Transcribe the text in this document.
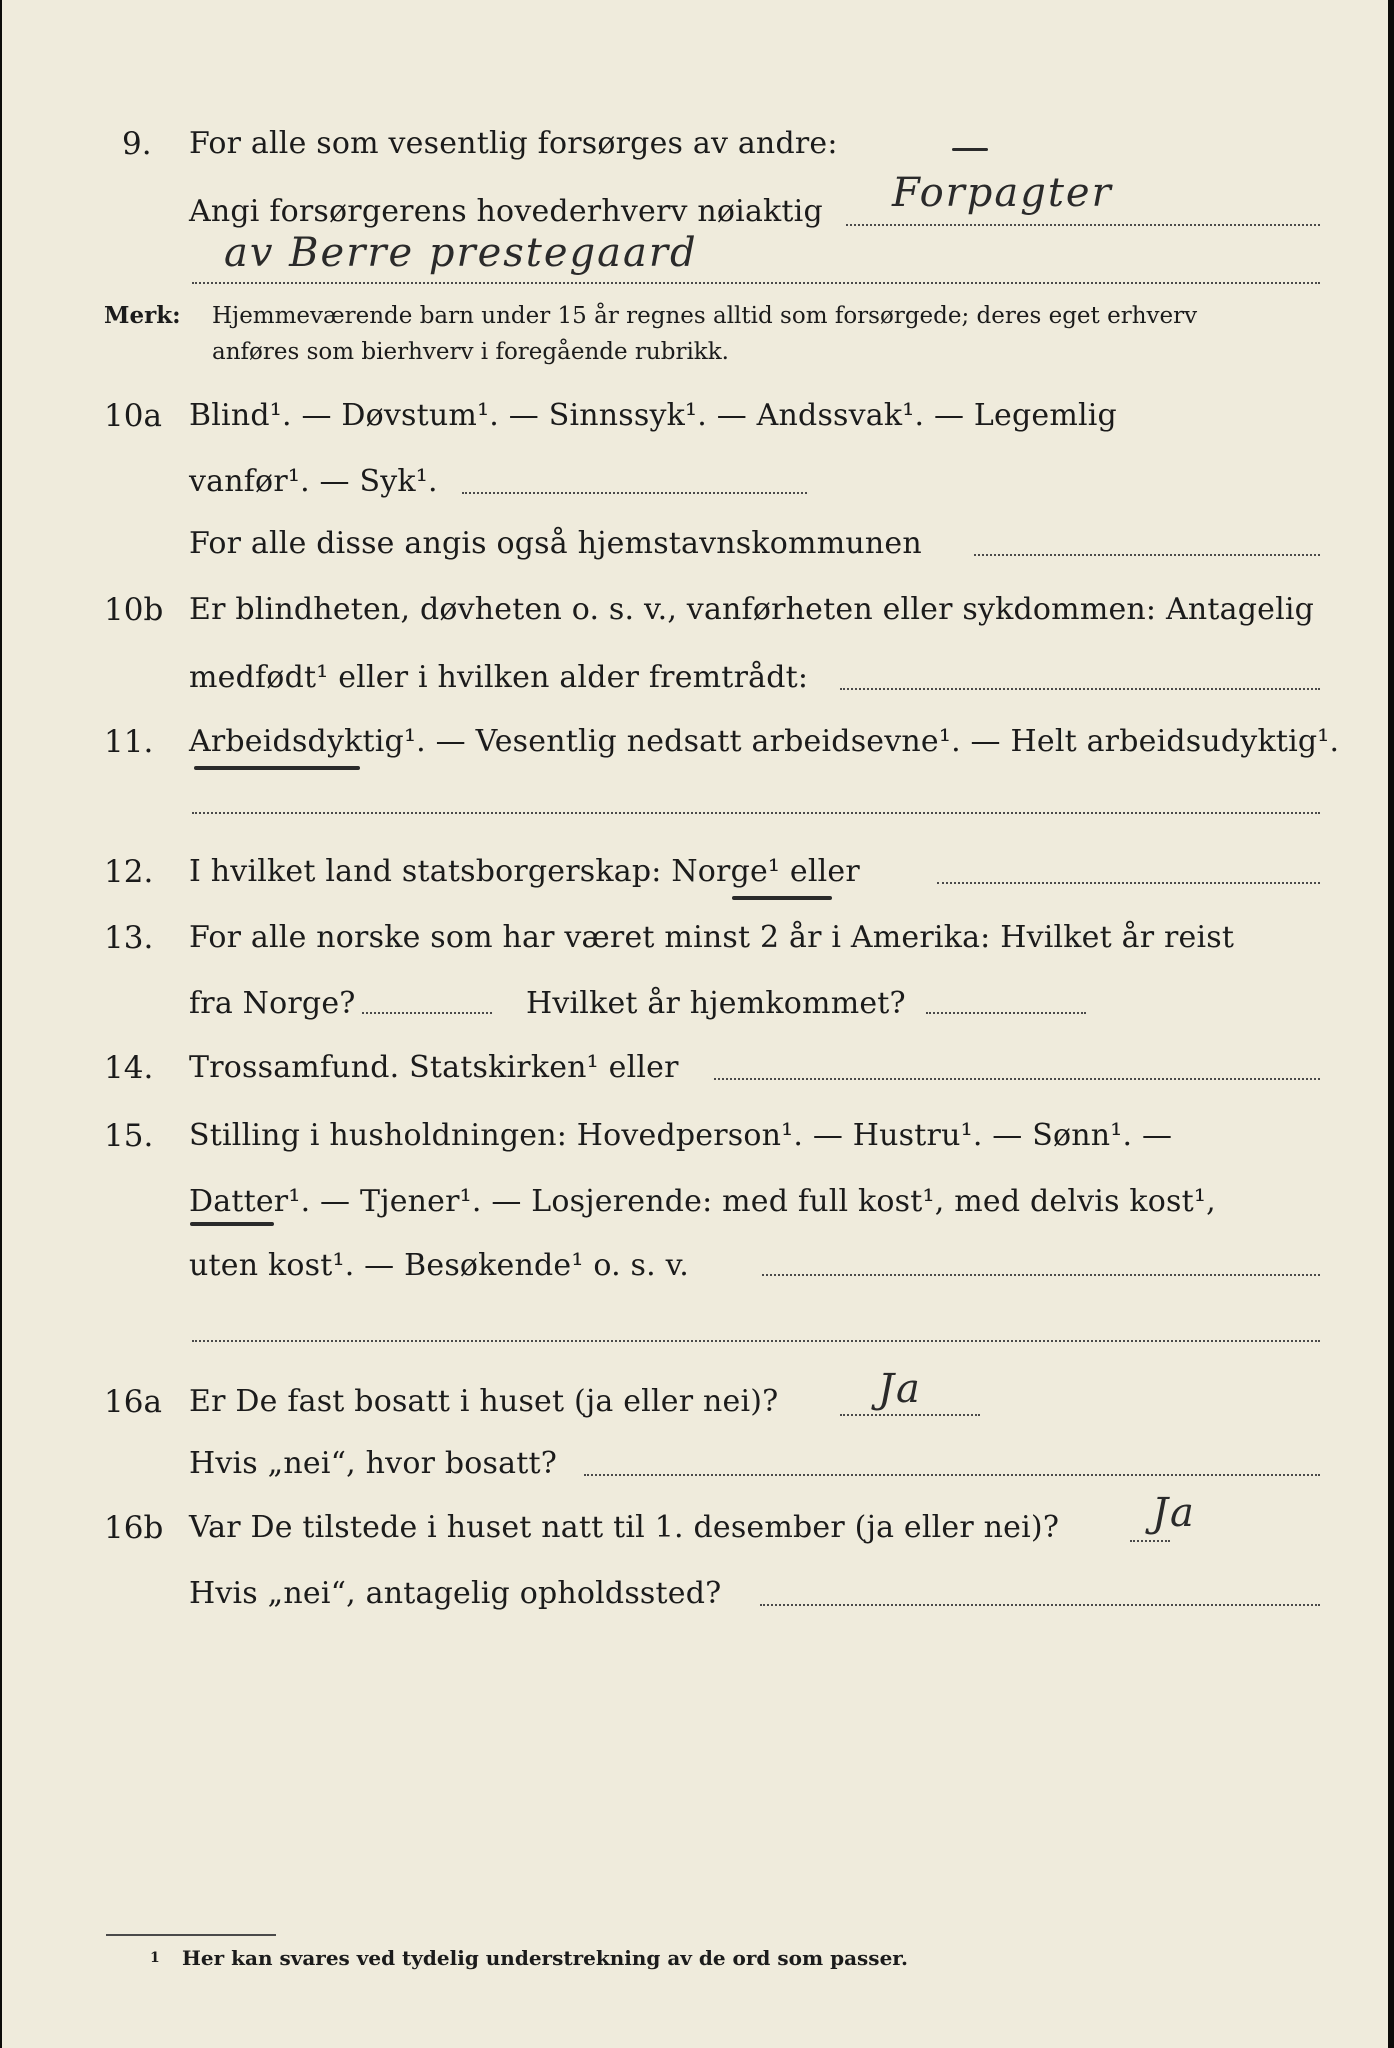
9. For alle som vesentlig forsørges av andre:
Angi forsørgerens hovederhverv nøiaktig Forpagter
av Berre prestegaard
Merk: Hjemmeværende barn under 15 år regnes alltid som forsørgede; deres eget erhverv
anføres som bierhverv i foregående rubrikk.
10a Blind¹. — Døvstum¹. — Sinnssyk¹. — Andssvak¹. — Legemlig
vanfør¹. — Syk¹.
For alle disse angis også hjemstavnskommunen
10b Er blindheten, døvheten o. s. v., vanførheten eller sykdommen: Antagelig
medfødt¹ eller i hvilken alder fremtrådt:
11. Arbeidsdyktig¹. — Vesentlig nedsatt arbeidsevne¹. — Helt arbeidsudyktig¹.
12. I hvilket land statsborgerskap: Norge¹ eller
13. For alle norske som har været minst 2 år i Amerika: Hvilket år reist
fra Norge?	Hvilket år hjemkommet?
14. Trossamfund. Statskirken¹ eller
15. Stilling i husholdningen: Hovedperson¹. — Hustru¹. — Sønn¹. —
Datter¹. — Tjener¹. — Losjerende: med full kost¹, med delvis kost¹,
uten kost¹. — Besøkende¹ o. s. v.
16a Er De fast bosatt i huset (ja eller nei)? Ja
Hvis „nei“, hvor bosatt?
16b Var De tilstede i huset natt til 1. desember (ja eller nei)? Ja
Hvis „nei“, antagelig opholdssted?
1 Her kan svares ved tydelig understrekning av de ord som passer.
